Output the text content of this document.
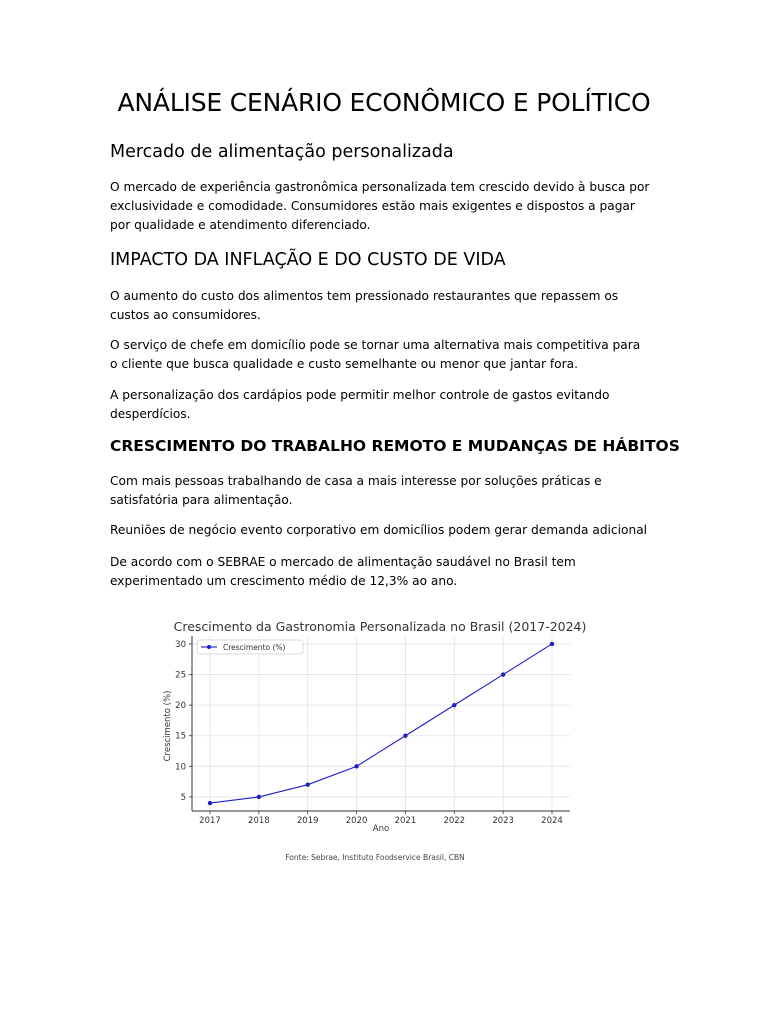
ANÁLISE CENÁRIO ECONÔMICO E POLÍTICO
Mercado de alimentação personalizada
O mercado de experiência gastronômica personalizada tem crescido devido à busca por exclusividade e comodidade. Consumidores estão mais exigentes e dispostos a pagar por qualidade e atendimento diferenciado.
IMPACTO DA INFLAÇÃO E DO CUSTO DE VIDA
O aumento do custo dos alimentos tem pressionado restaurantes que repassem os custos ao consumidores.
O serviço de chefe em domicílio pode se tornar uma alternativa mais competitiva para o cliente que busca qualidade e custo semelhante ou menor que jantar fora.
A personalização dos cardápios pode permitir melhor controle de gastos evitando desperdícios.
CRESCIMENTO DO TRABALHO REMOTO E MUDANÇAS DE HÁBITOS
Com mais pessoas trabalhando de casa a mais interesse por soluções práticas e satisfatória para alimentação.
Reuniões de negócio evento corporativo em domicílios podem gerar demanda adicional
De acordo com o SEBRAE o mercado de alimentação saudável no Brasil tem experimentado um crescimento médio de 12,3% ao ano.
Crescimento da Gastronomia Personalizada no Brasil (2017-2024)
Crescimento (%)
Ano
Fonte: Sebrae, Instituto Foodservice Brasil, CBN
5
10
15
20
25
30
2017	2018	2019	2020	2021	2022	2023	2024
Crescimento (%)
